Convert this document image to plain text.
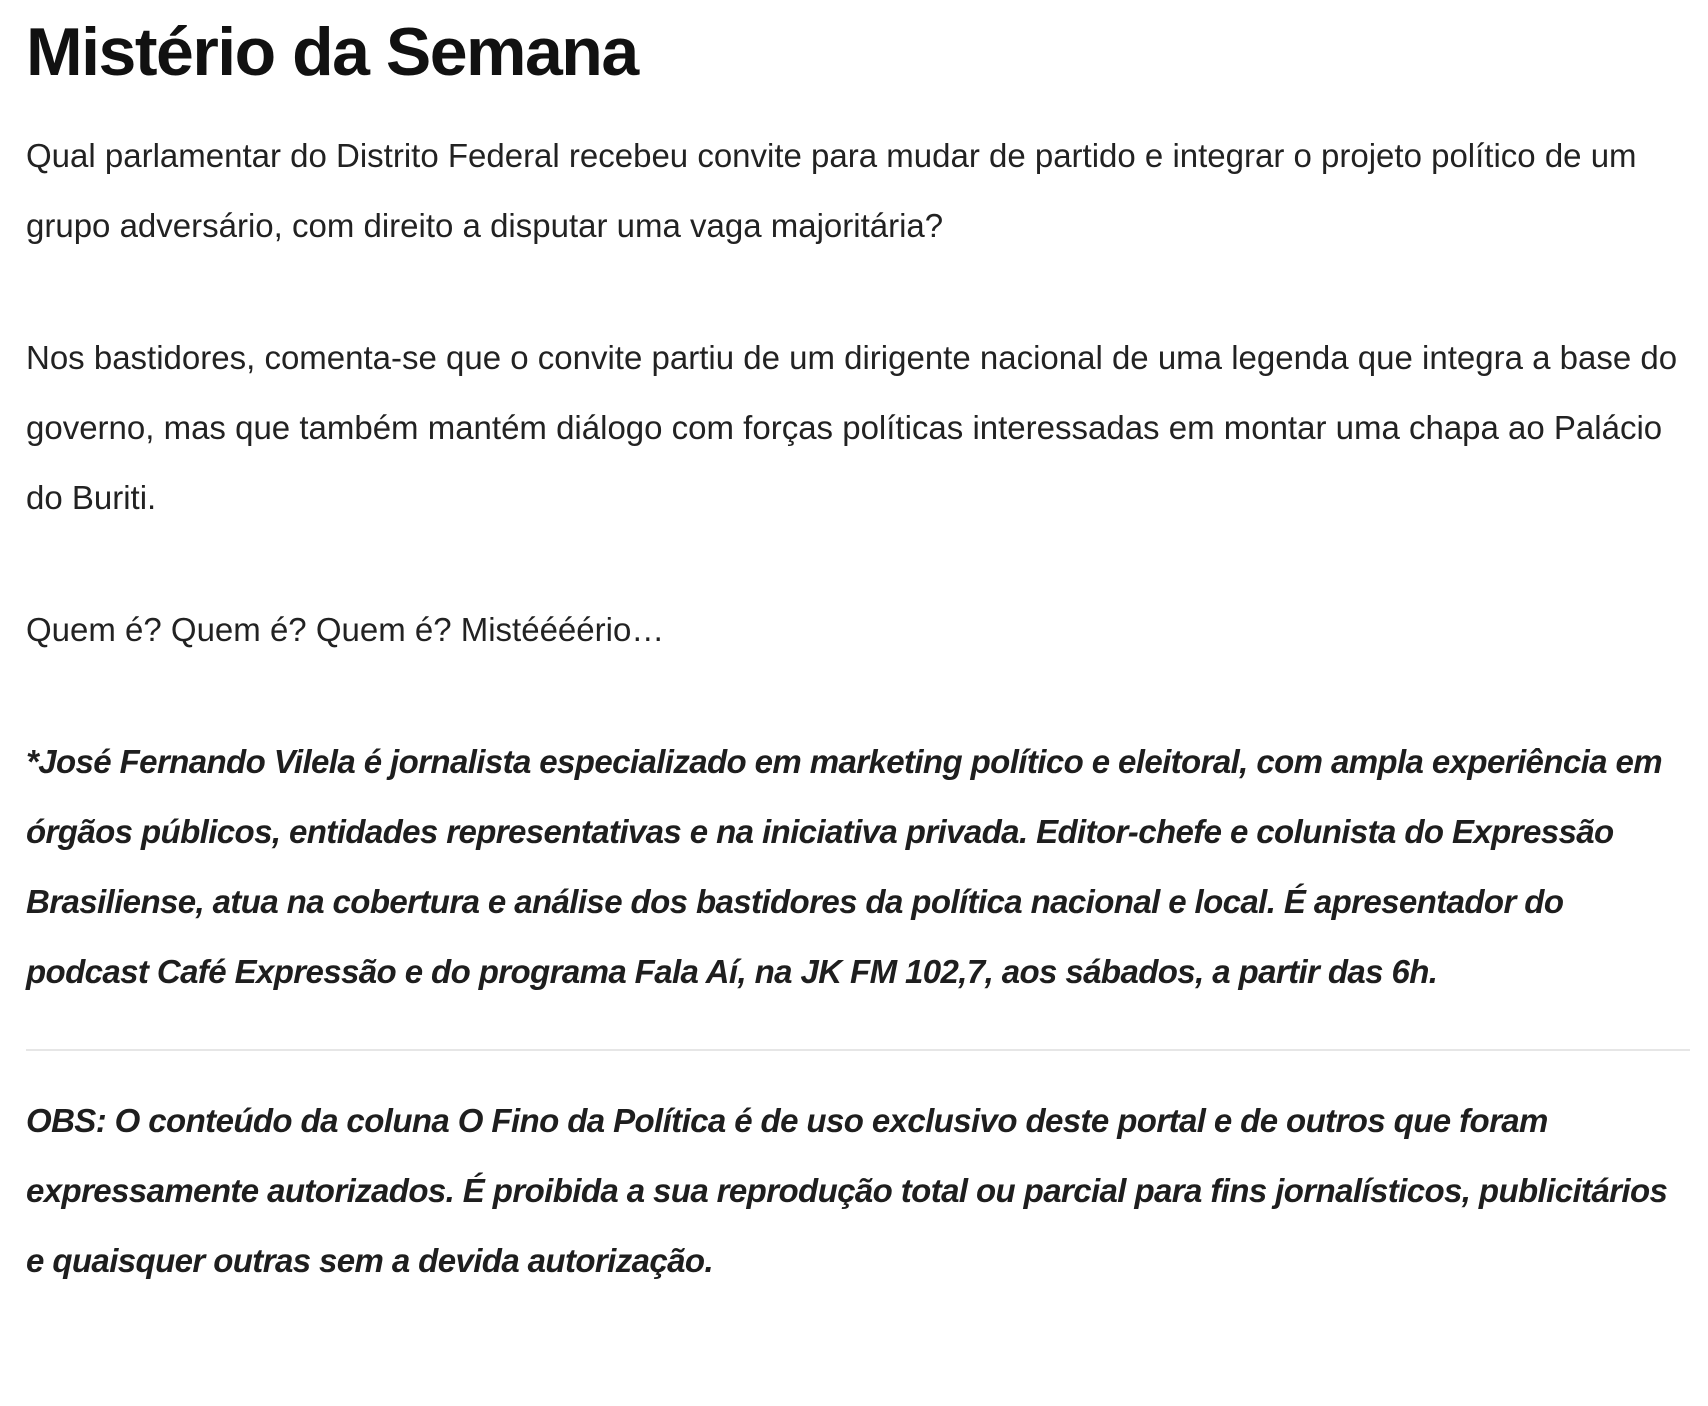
Mistério da Semana

Qual parlamentar do Distrito Federal recebeu convite para mudar de partido e integrar o projeto político de um grupo adversário, com direito a disputar uma vaga majoritária?

Nos bastidores, comenta-se que o convite partiu de um dirigente nacional de uma legenda que integra a base do governo, mas que também mantém diálogo com forças políticas interessadas em montar uma chapa ao Palácio do Buriti.

Quem é? Quem é? Quem é? Mistéééério…

*José Fernando Vilela é jornalista especializado em marketing político e eleitoral, com ampla experiência em órgãos públicos, entidades representativas e na iniciativa privada. Editor-chefe e colunista do Expressão Brasiliense, atua na cobertura e análise dos bastidores da política nacional e local. É apresentador do podcast Café Expressão e do programa Fala Aí, na JK FM 102,7, aos sábados, a partir das 6h.

OBS: O conteúdo da coluna O Fino da Política é de uso exclusivo deste portal e de outros que foram expressamente autorizados. É proibida a sua reprodução total ou parcial para fins jornalísticos, publicitários e quaisquer outras sem a devida autorização.
